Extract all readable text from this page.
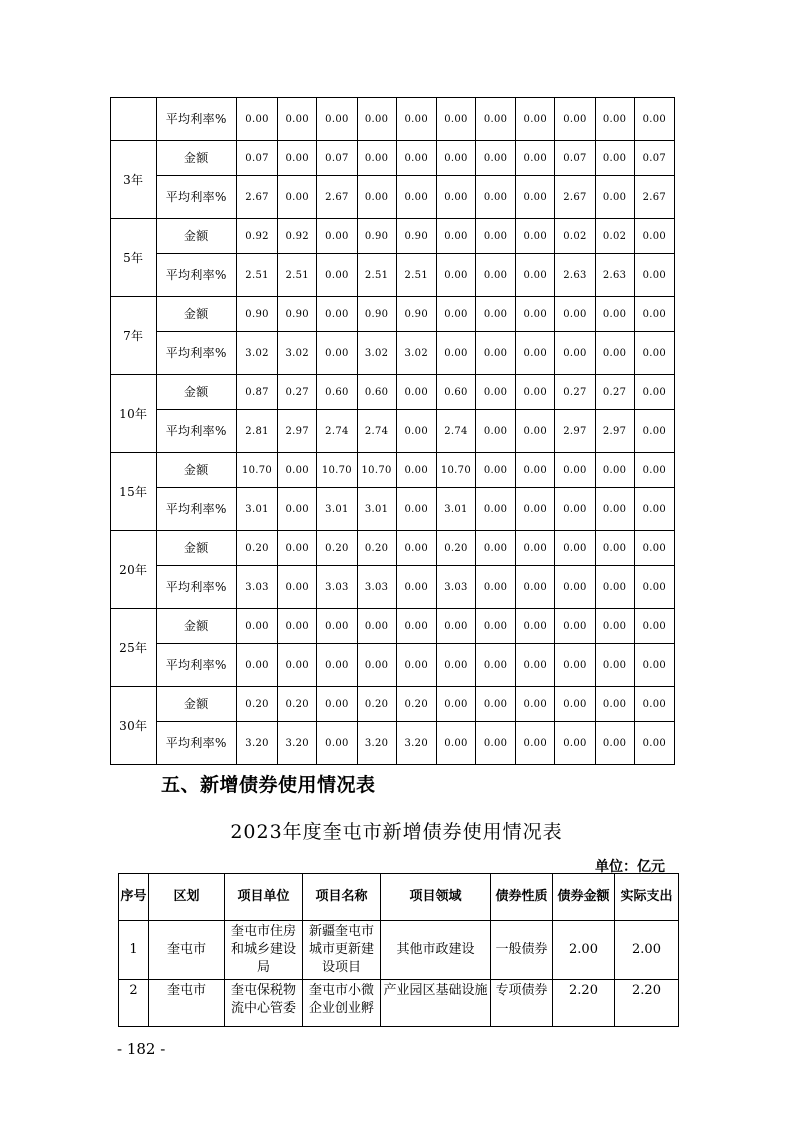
	平均利率%	0.00	0.00	0.00	0.00	0.00	0.00	0.00	0.00	0.00	0.00	0.00
3年	金额	0.07	0.00	0.07	0.00	0.00	0.00	0.00	0.00	0.07	0.00	0.07
	平均利率%	2.67	0.00	2.67	0.00	0.00	0.00	0.00	0.00	2.67	0.00	2.67
5年	金额	0.92	0.92	0.00	0.90	0.90	0.00	0.00	0.00	0.02	0.02	0.00
	平均利率%	2.51	2.51	0.00	2.51	2.51	0.00	0.00	0.00	2.63	2.63	0.00
7年	金额	0.90	0.90	0.00	0.90	0.90	0.00	0.00	0.00	0.00	0.00	0.00
	平均利率%	3.02	3.02	0.00	3.02	3.02	0.00	0.00	0.00	0.00	0.00	0.00
10年	金额	0.87	0.27	0.60	0.60	0.00	0.60	0.00	0.00	0.27	0.27	0.00
	平均利率%	2.81	2.97	2.74	2.74	0.00	2.74	0.00	0.00	2.97	2.97	0.00
15年	金额	10.70	0.00	10.70	10.70	0.00	10.70	0.00	0.00	0.00	0.00	0.00
	平均利率%	3.01	0.00	3.01	3.01	0.00	3.01	0.00	0.00	0.00	0.00	0.00
20年	金额	0.20	0.00	0.20	0.20	0.00	0.20	0.00	0.00	0.00	0.00	0.00
	平均利率%	3.03	0.00	3.03	3.03	0.00	3.03	0.00	0.00	0.00	0.00	0.00
25年	金额	0.00	0.00	0.00	0.00	0.00	0.00	0.00	0.00	0.00	0.00	0.00
	平均利率%	0.00	0.00	0.00	0.00	0.00	0.00	0.00	0.00	0.00	0.00	0.00
30年	金额	0.20	0.20	0.00	0.20	0.20	0.00	0.00	0.00	0.00	0.00	0.00
	平均利率%	3.20	3.20	0.00	3.20	3.20	0.00	0.00	0.00	0.00	0.00	0.00
五、新增债券使用情况表
2023年度奎屯市新增债券使用情况表
单位：亿元
序号	区划	项目单位	项目名称	项目领域	债券性质	债券金额	实际支出
1	奎屯市	奎屯市住房和城乡建设局	新疆奎屯市城市更新建设项目	其他市政建设	一般债券	2.00	2.00
2	奎屯市	奎屯保税物流中心管委	奎屯市小微企业创业孵	产业园区基础设施	专项债券	2.20	2.20
- 182 -
